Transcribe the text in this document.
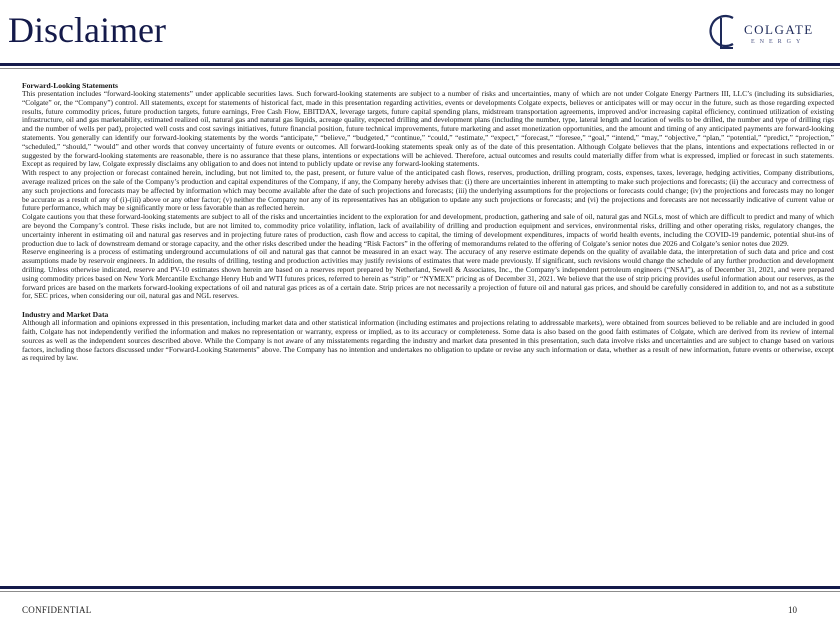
Disclaimer	COLGATE
ENERGY
Forward-Looking Statements

This presentation includes “forward-looking statements” under applicable securities laws. Such forward-looking statements are subject to a number of risks and uncertainties, many of which are not under Colgate Energy Partners III, LLC’s (including its subsidiaries, “Colgate” or, the “Company”) control. All statements, except for statements of historical fact, made in this presentation regarding activities, events or developments Colgate expects, believes or anticipates will or may occur in the future, such as those regarding expected results, future commodity prices, future production targets, future earnings, Free Cash Flow, EBITDAX, leverage targets, future capital spending plans, midstream transportation agreements, improved and/or increasing capital efficiency, continued utilization of existing infrastructure, oil and gas marketability, estimated realized oil, natural gas and natural gas liquids, acreage quality, expected drilling and development plans (including the number, type, lateral length and location of wells to be drilled, the number and type of drilling rigs and the number of wells per pad), projected well costs and cost savings initiatives, future financial position, future technical improvements, future marketing and asset monetization opportunities, and the amount and timing of any anticipated payments are forward-looking statements. You generally can identify our forward-looking statements by the words “anticipate,” “believe,” “budgeted,” “continue,” “could,” “estimate,” “expect,” “forecast,” “foresee,” “goal,” “intend,” “may,” “objective,” “plan,” “potential,” “predict,” “projection,” “scheduled,” “should,” “would” and other words that convey uncertainty of future events or outcomes. All forward-looking statements speak only as of the date of this presentation. Although Colgate believes that the plans, intentions and expectations reflected in or suggested by the forward-looking statements are reasonable, there is no assurance that these plans, intentions or expectations will be achieved. Therefore, actual outcomes and results could materially differ from what is expressed, implied or forecast in such statements. Except as required by law, Colgate expressly disclaims any obligation to and does not intend to publicly update or revise any forward-looking statements.

With respect to any projection or forecast contained herein, including, but not limited to, the past, present, or future value of the anticipated cash flows, reserves, production, drilling program, costs, expenses, taxes, leverage, hedging activities, Company distributions, average realized prices on the sale of the Company’s production and capital expenditures of the Company, if any, the Company hereby advises that: (i) there are uncertainties inherent in attempting to make such projections and forecasts; (ii) the accuracy and correctness of any such projections and forecasts may be affected by information which may become available after the date of such projections and forecasts; (iii) the underlying assumptions for the projections or forecasts could change; (iv) the projections and forecasts may no longer be accurate as a result of any of (i)-(iii) above or any other factor; (v) neither the Company nor any of its representatives has an obligation to update any such projections or forecasts; and (vi) the projections and forecasts are not necessarily indicative of current value or future performance, which may be significantly more or less favorable than as reflected herein.

Colgate cautions you that these forward-looking statements are subject to all of the risks and uncertainties incident to the exploration for and development, production, gathering and sale of oil, natural gas and NGLs, most of which are difficult to predict and many of which are beyond the Company’s control. These risks include, but are not limited to, commodity price volatility, inflation, lack of availability of drilling and production equipment and services, environmental risks, drilling and other operating risks, regulatory changes, the uncertainty inherent in estimating oil and natural gas reserves and in projecting future rates of production, cash flow and access to capital, the timing of development expenditures, impacts of world health events, including the COVID-19 pandemic, potential shut-ins of production due to lack of downstream demand or storage capacity, and the other risks described under the heading “Risk Factors” in the offering of memorandums related to the offering of Colgate’s senior notes due 2026 and Colgate’s senior notes due 2029.

Reserve engineering is a process of estimating underground accumulations of oil and natural gas that cannot be measured in an exact way. The accuracy of any reserve estimate depends on the quality of available data, the interpretation of such data and price and cost assumptions made by reservoir engineers. In addition, the results of drilling, testing and production activities may justify revisions of estimates that were made previously. If significant, such revisions would change the schedule of any further production and development drilling. Unless otherwise indicated, reserve and PV-10 estimates shown herein are based on a reserves report prepared by Netherland, Sewell & Associates, Inc., the Company’s independent petroleum engineers (“NSAI”), as of December 31, 2021, and were prepared using commodity prices based on New York Mercantile Exchange Henry Hub and WTI futures prices, referred to herein as “strip” or “NYMEX” pricing as of December 31, 2021. We believe that the use of strip pricing provides useful information about our reserves, as the forward prices are based on the markets forward-looking expectations of oil and natural gas prices as of a certain date. Strip prices are not necessarily a projection of future oil and natural gas prices, and should be carefully considered in addition to, and not as a substitute for, SEC prices, when considering our oil, natural gas and NGL reserves.

Industry and Market Data

Although all information and opinions expressed in this presentation, including market data and other statistical information (including estimates and projections relating to addressable markets), were obtained from sources believed to be reliable and are included in good faith, Colgate has not independently verified the information and makes no representation or warranty, express or implied, as to its accuracy or completeness. Some data is also based on the good faith estimates of Colgate, which are derived from its review of internal sources as well as the independent sources described above. While the Company is not aware of any misstatements regarding the industry and market data presented in this presentation, such data involve risks and uncertainties and are subject to change based on various factors, including those factors discussed under “Forward-Looking Statements” above. The Company has no intention and undertakes no obligation to update or revise any such information or data, whether as a result of new information, future events or otherwise, except as required by law.

CONFIDENTIAL	10
